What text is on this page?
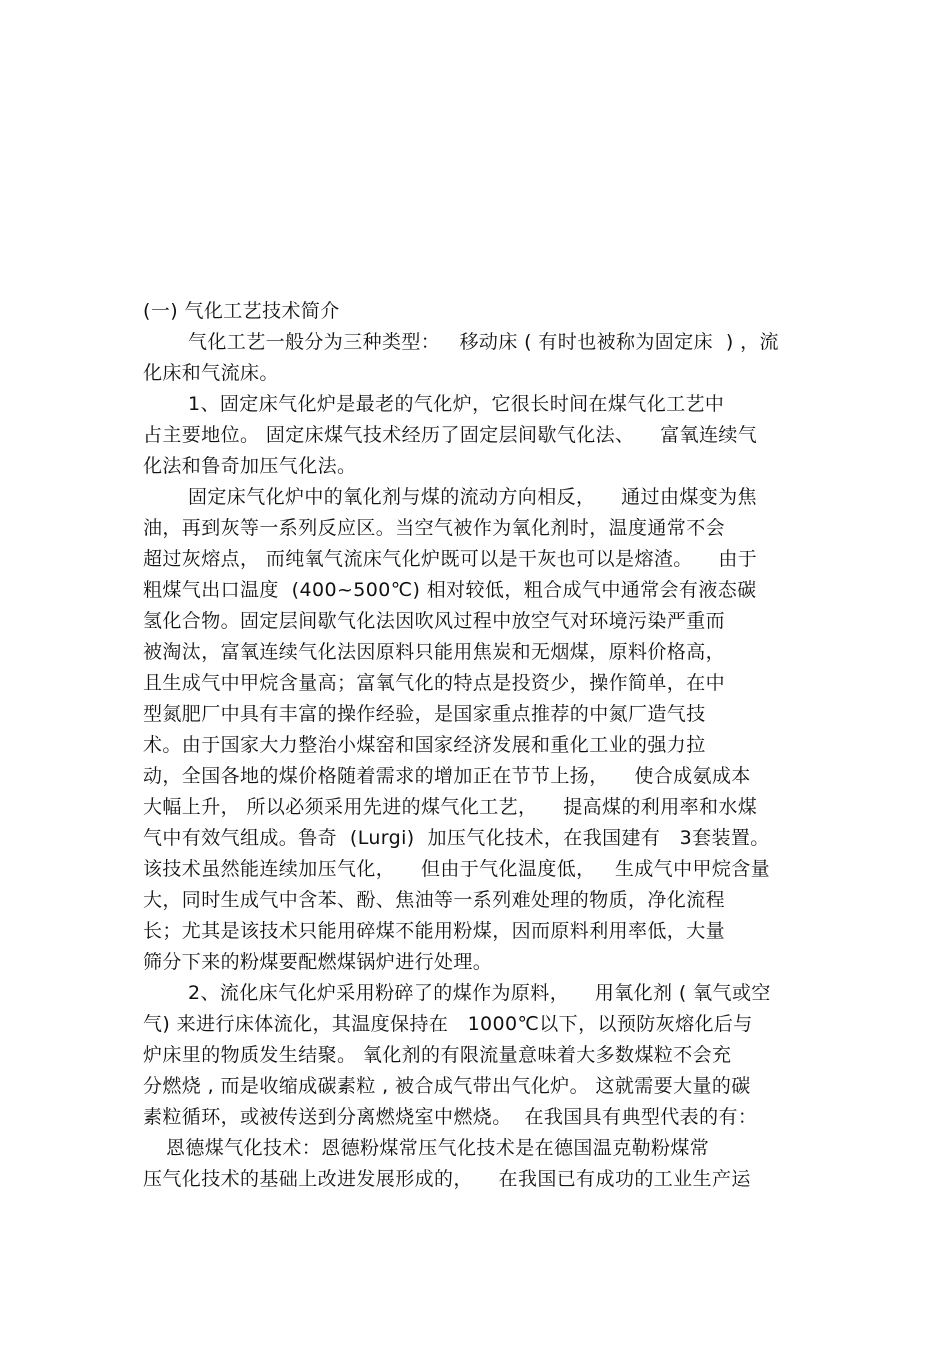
(一) 气化工艺技术简介
气化工艺一般分为三种类型：   移动床 ( 有时也被称为固定床  ) ，流
化床和气流床。
1、固定床气化炉是最老的气化炉，它很长时间在煤气化工艺中
占主要地位。 固定床煤气技术经历了固定层间歇气化法、    富氧连续气
化法和鲁奇加压气化法。
固定床气化炉中的氧化剂与煤的流动方向相反，    通过由煤变为焦
油，再到灰等一系列反应区。当空气被作为氧化剂时，温度通常不会
超过灰熔点， 而纯氧气流床气化炉既可以是干灰也可以是熔渣。    由于
粗煤气出口温度  (400~500℃) 相对较低，粗合成气中通常会有液态碳
氢化合物。固定层间歇气化法因吹风过程中放空气对环境污染严重而
被淘汰，富氧连续气化法因原料只能用焦炭和无烟煤，原料价格高，
且生成气中甲烷含量高；富氧气化的特点是投资少，操作简单，在中
型氮肥厂中具有丰富的操作经验，是国家重点推荐的中氮厂造气技
术。由于国家大力整治小煤窑和国家经济发展和重化工业的强力拉
动，全国各地的煤价格随着需求的增加正在节节上扬，    使合成氨成本
大幅上升， 所以必须采用先进的煤气化工艺，    提高煤的利用率和水煤
气中有效气组成。鲁奇  (Lurgi)  加压气化技术，在我国建有   3套装置。
该技术虽然能连续加压气化，    但由于气化温度低，   生成气中甲烷含量
大，同时生成气中含苯、酚、焦油等一系列难处理的物质，净化流程
长；尤其是该技术只能用碎煤不能用粉煤，因而原料利用率低，大量
筛分下来的粉煤要配燃煤锅炉进行处理。
2、流化床气化炉采用粉碎了的煤作为原料，    用氧化剂 ( 氧气或空
气) 来进行床体流化，其温度保持在   1000℃以下，以预防灰熔化后与
炉床里的物质发生结聚。 氧化剂的有限流量意味着大多数煤粒不会充
分燃烧 , 而是收缩成碳素粒 , 被合成气带出气化炉。 这就需要大量的碳
素粒循环，或被传送到分离燃烧室中燃烧。  在我国具有典型代表的有：
恩德煤气化技术：恩德粉煤常压气化技术是在德国温克勒粉煤常
压气化技术的基础上改进发展形成的，    在我国已有成功的工业生产运
